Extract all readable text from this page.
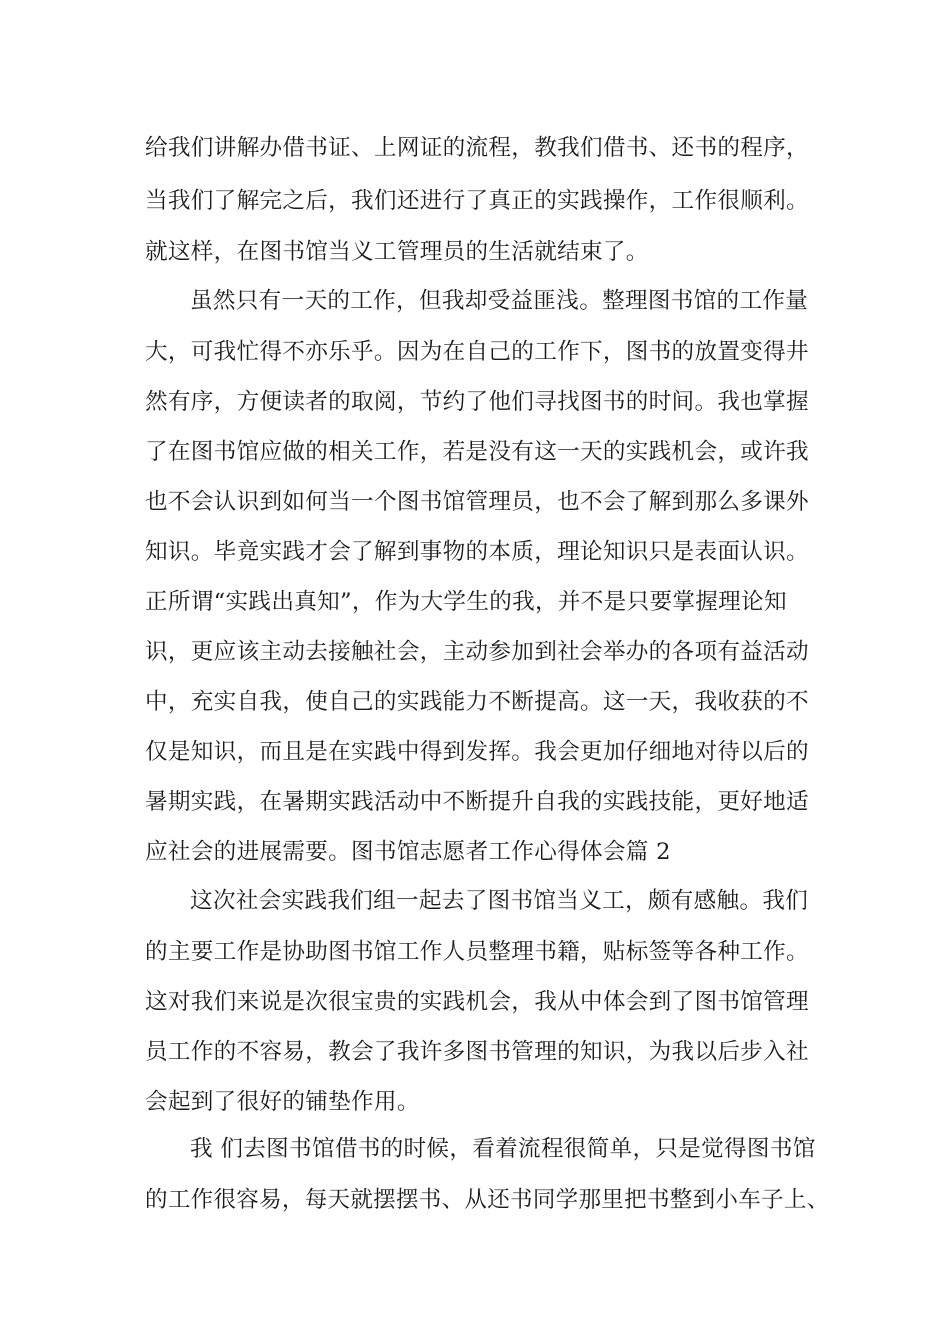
给我们讲解办借书证、上网证的流程，教我们借书、还书的程序，
当我们了解完之后，我们还进行了真正的实践操作，工作很顺利。
就这样，在图书馆当义工管理员的生活就结束了。
虽然只有一天的工作，但我却受益匪浅。整理图书馆的工作量
大，可我忙得不亦乐乎。因为在自己的工作下，图书的放置变得井
然有序，方便读者的取阅，节约了他们寻找图书的时间。我也掌握
了在图书馆应做的相关工作，若是没有这一天的实践机会，或许我
也不会认识到如何当一个图书馆管理员，也不会了解到那么多课外
知识。毕竟实践才会了解到事物的本质，理论知识只是表面认识。
正所谓“实践出真知”，作为大学生的我，并不是只要掌握理论知
识，更应该主动去接触社会，主动参加到社会举办的各项有益活动
中，充实自我，使自己的实践能力不断提高。这一天，我收获的不
仅是知识，而且是在实践中得到发挥。我会更加仔细地对待以后的
暑期实践，在暑期实践活动中不断提升自我的实践技能，更好地适
应社会的进展需要。图书馆志愿者工作心得体会篇 2
这次社会实践我们组一起去了图书馆当义工，颇有感触。我们
的主要工作是协助图书馆工作人员整理书籍，贴标签等各种工作。
这对我们来说是次很宝贵的实践机会，我从中体会到了图书馆管理
员工作的不容易，教会了我许多图书管理的知识，为我以后步入社
会起到了很好的铺垫作用。
我 们去图书馆借书的时候，看着流程很简单，只是觉得图书馆
的工作很容易，每天就摆摆书、从还书同学那里把书整到小车子上、
